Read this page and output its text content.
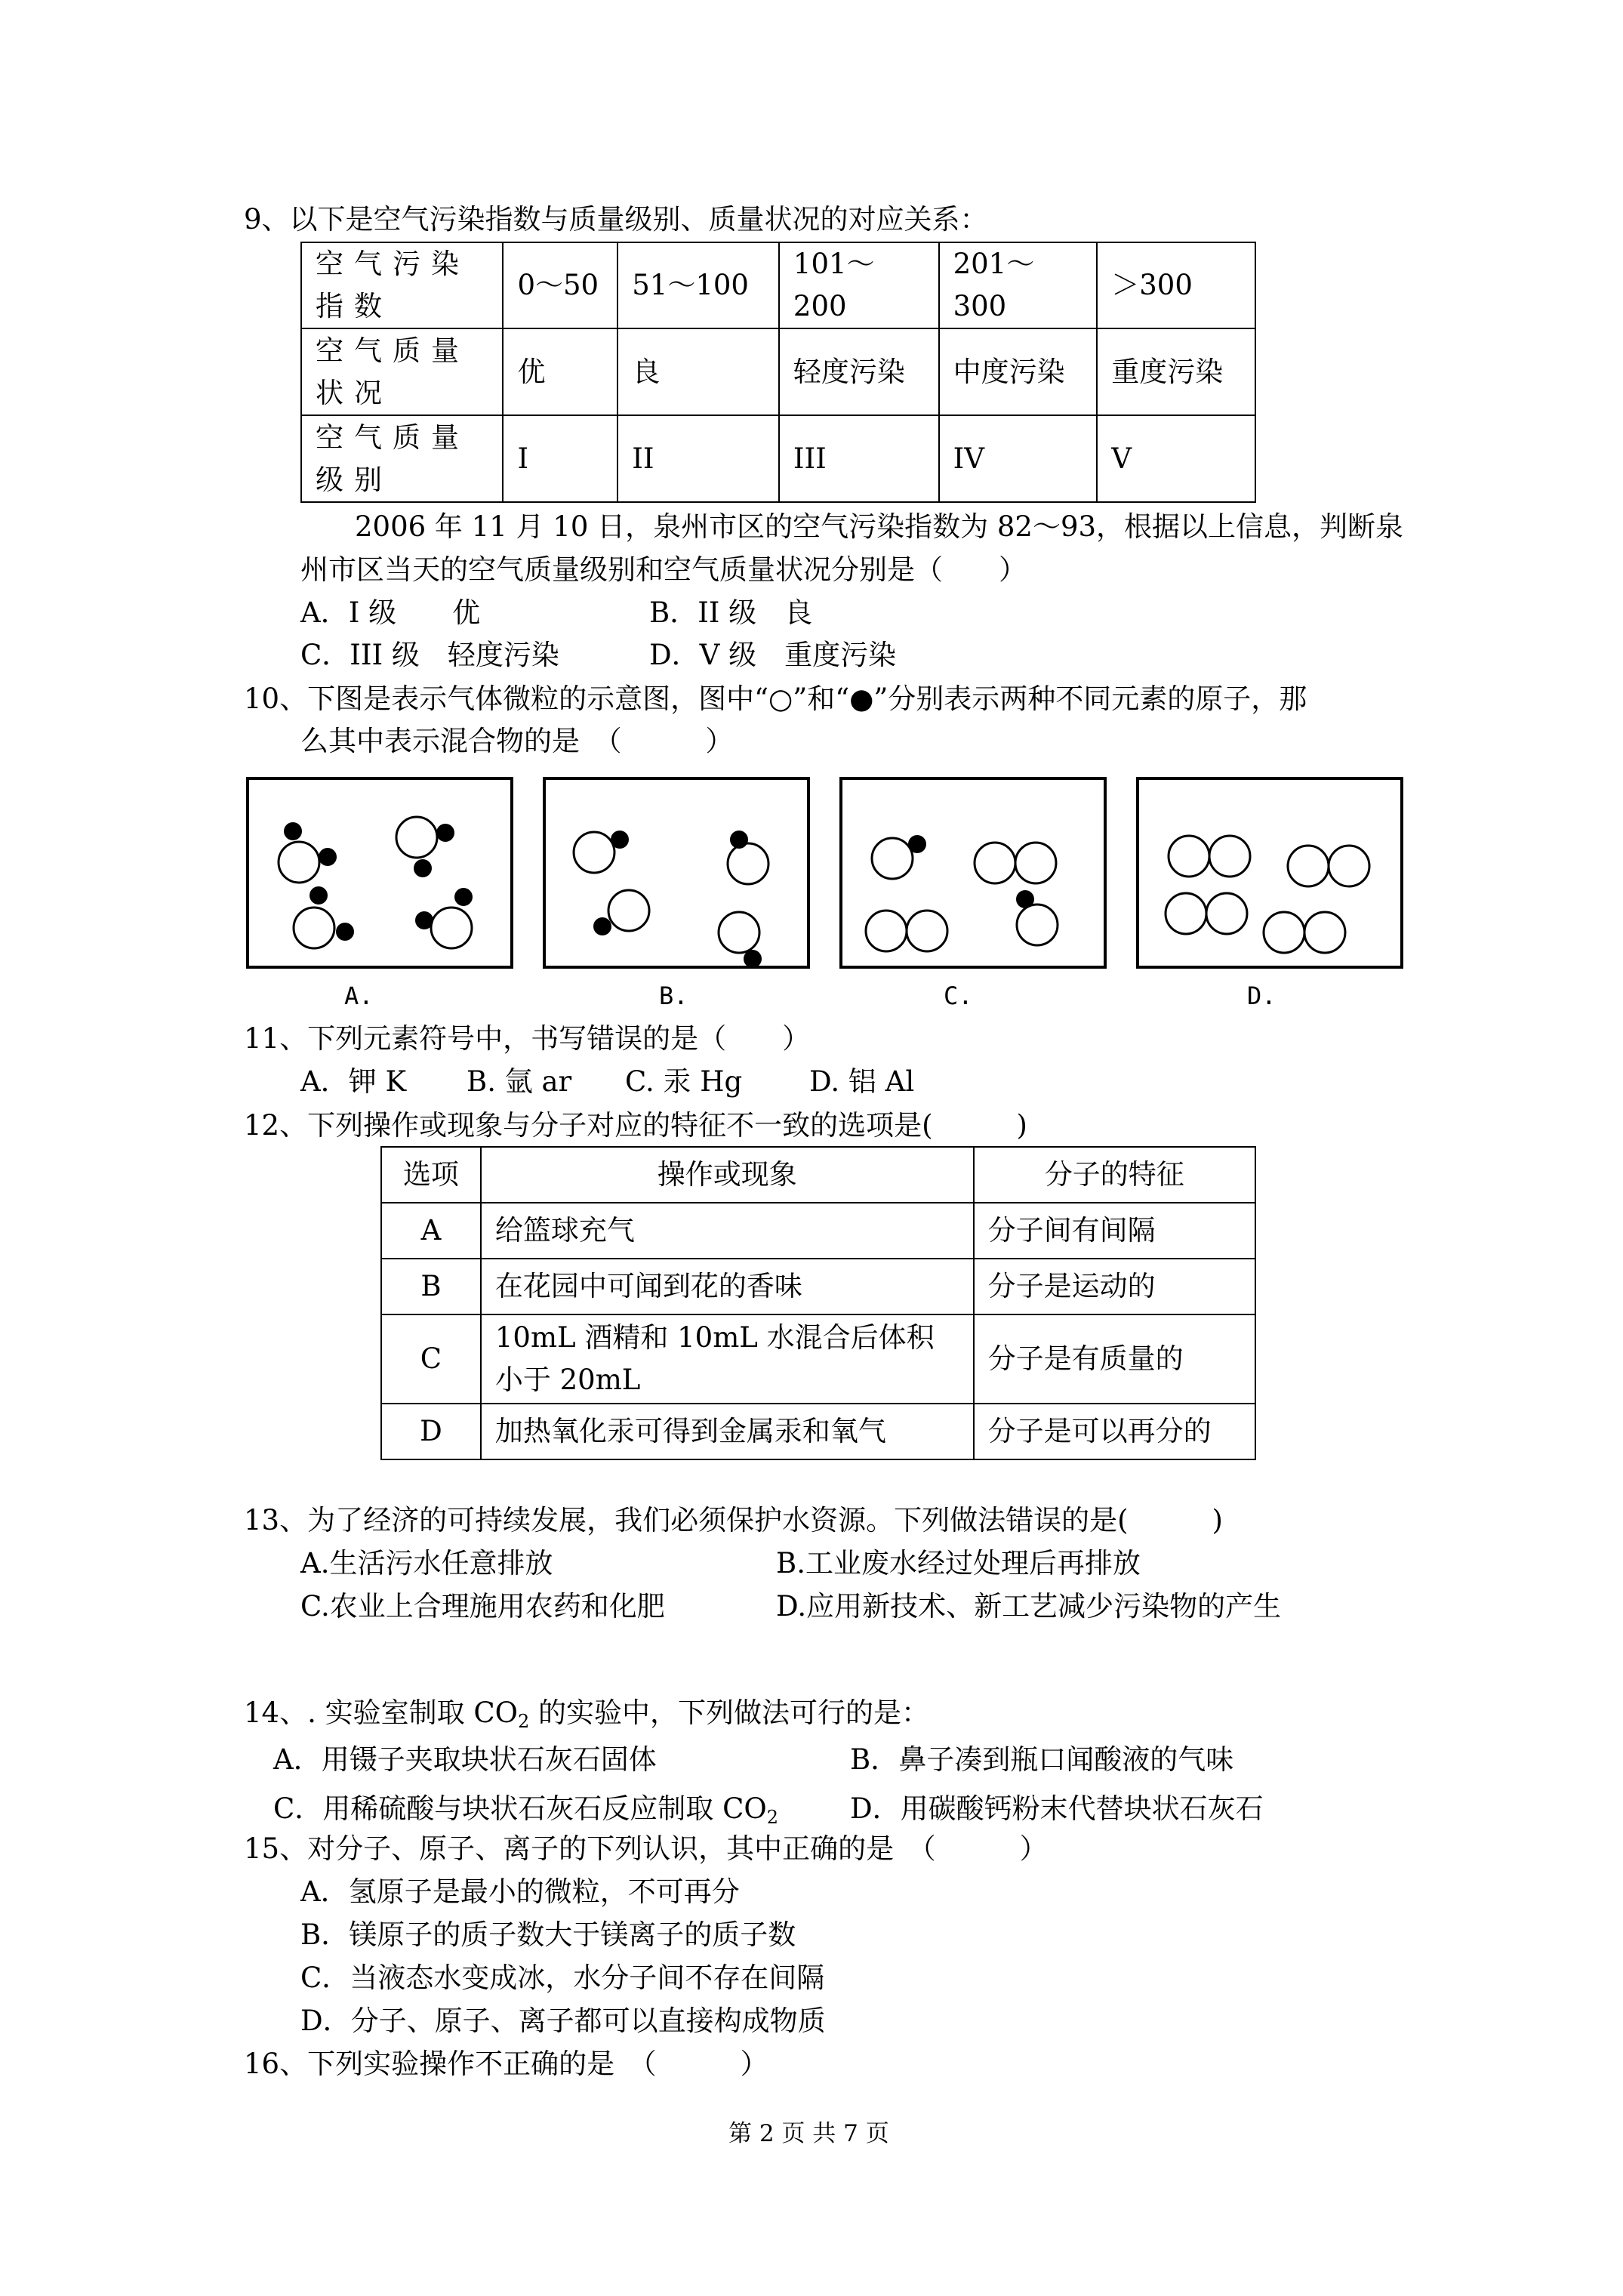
9、以下是空气污染指数与质量级别、质量状况的对应关系：
空气污染指数	0～50	51～100	101～200	201～300	＞300
空气质量状况	优	良	轻度污染	中度污染	重度污染
空气质量级别	I	II	III	IV	V
2006 年 11 月 10 日，泉州市区的空气污染指数为 82～93，根据以上信息，判断泉
州市区当天的空气质量级别和空气质量状况分别是（　　）
A．I 级　　优	B．II 级　良
C．III 级　轻度污染	D．V 级　重度污染
10、下图是表示气体微粒的示意图，图中“○”和“●”分别表示两种不同元素的原子，那
么其中表示混合物的是　（　　　）
A.	B.	C.	D.
11、下列元素符号中，书写错误的是（　　）
A．钾 K B. 氩 ar C. 汞 Hg D. 铝 Al
12、下列操作或现象与分子对应的特征不一致的选项是(　　　)
选项	操作或现象	分子的特征
A	给篮球充气	分子间有间隔
B	在花园中可闻到花的香味	分子是运动的
C	10mL 酒精和 10mL 水混合后体积小于 20mL	分子是有质量的
D	加热氧化汞可得到金属汞和氧气	分子是可以再分的
13、为了经济的可持续发展，我们必须保护水资源。下列做法错误的是(　　　)
A.生活污水任意排放	B.工业废水经过处理后再排放
C.农业上合理施用农药和化肥	D.应用新技术、新工艺减少污染物的产生
14、. 实验室制取 $CO_2$ 的实验中，下列做法可行的是：
A．用镊子夹取块状石灰石固体	B．鼻子凑到瓶口闻酸液的气味
C．用稀硫酸与块状石灰石反应制取 $CO_2$	D．用碳酸钙粉末代替块状石灰石
15、对分子、原子、离子的下列认识，其中正确的是　（　　　）
A．氢原子是最小的微粒，不可再分
B．镁原子的质子数大于镁离子的质子数
C．当液态水变成冰，水分子间不存在间隔
D．分子、原子、离子都可以直接构成物质
16、下列实验操作不正确的是　（　　　）
第 2 页 共 7 页
